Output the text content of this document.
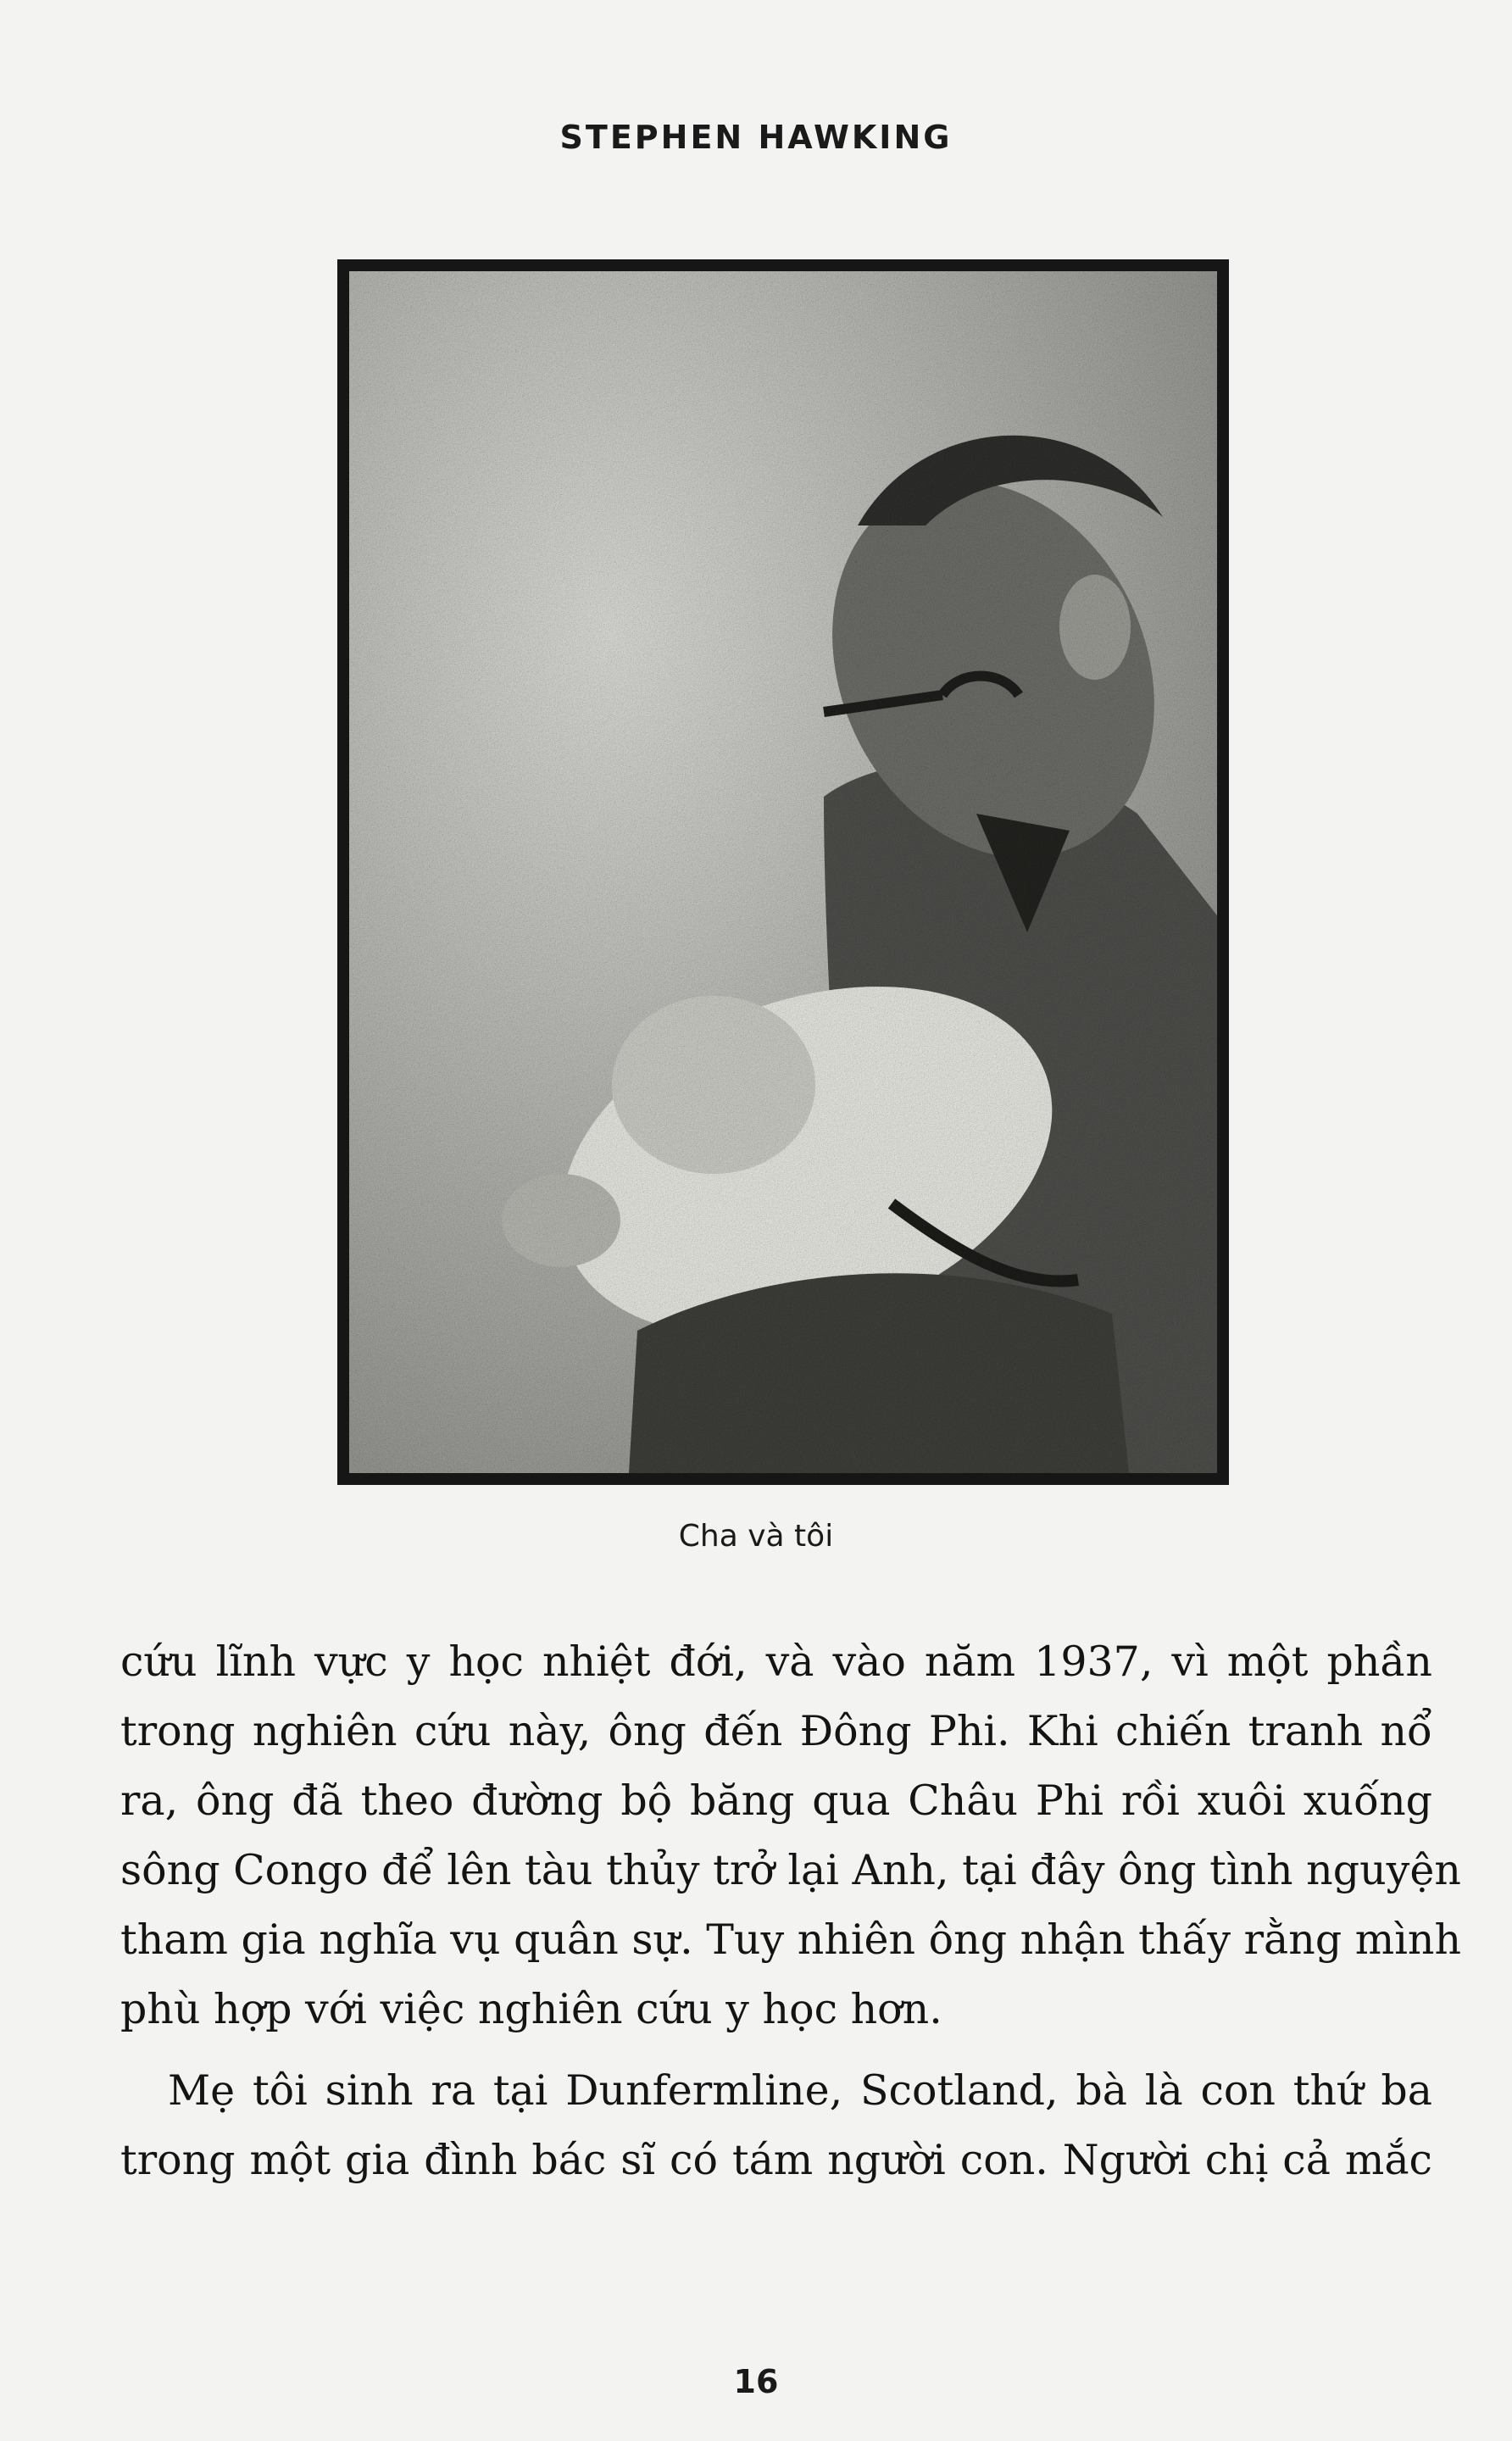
STEPHEN HAWKING
Cha và tôi
cứu lĩnh vực y học nhiệt đới, và vào năm 1937, vì một phần
trong nghiên cứu này, ông đến Đông Phi. Khi chiến tranh nổ
ra, ông đã theo đường bộ băng qua Châu Phi rồi xuôi xuống
sông Congo để lên tàu thủy trở lại Anh, tại đây ông tình nguyện
tham gia nghĩa vụ quân sự. Tuy nhiên ông nhận thấy rằng mình
phù hợp với việc nghiên cứu y học hơn.
Mẹ tôi sinh ra tại Dunfermline, Scotland, bà là con thứ ba
trong một gia đình bác sĩ có tám người con. Người chị cả mắc
16
